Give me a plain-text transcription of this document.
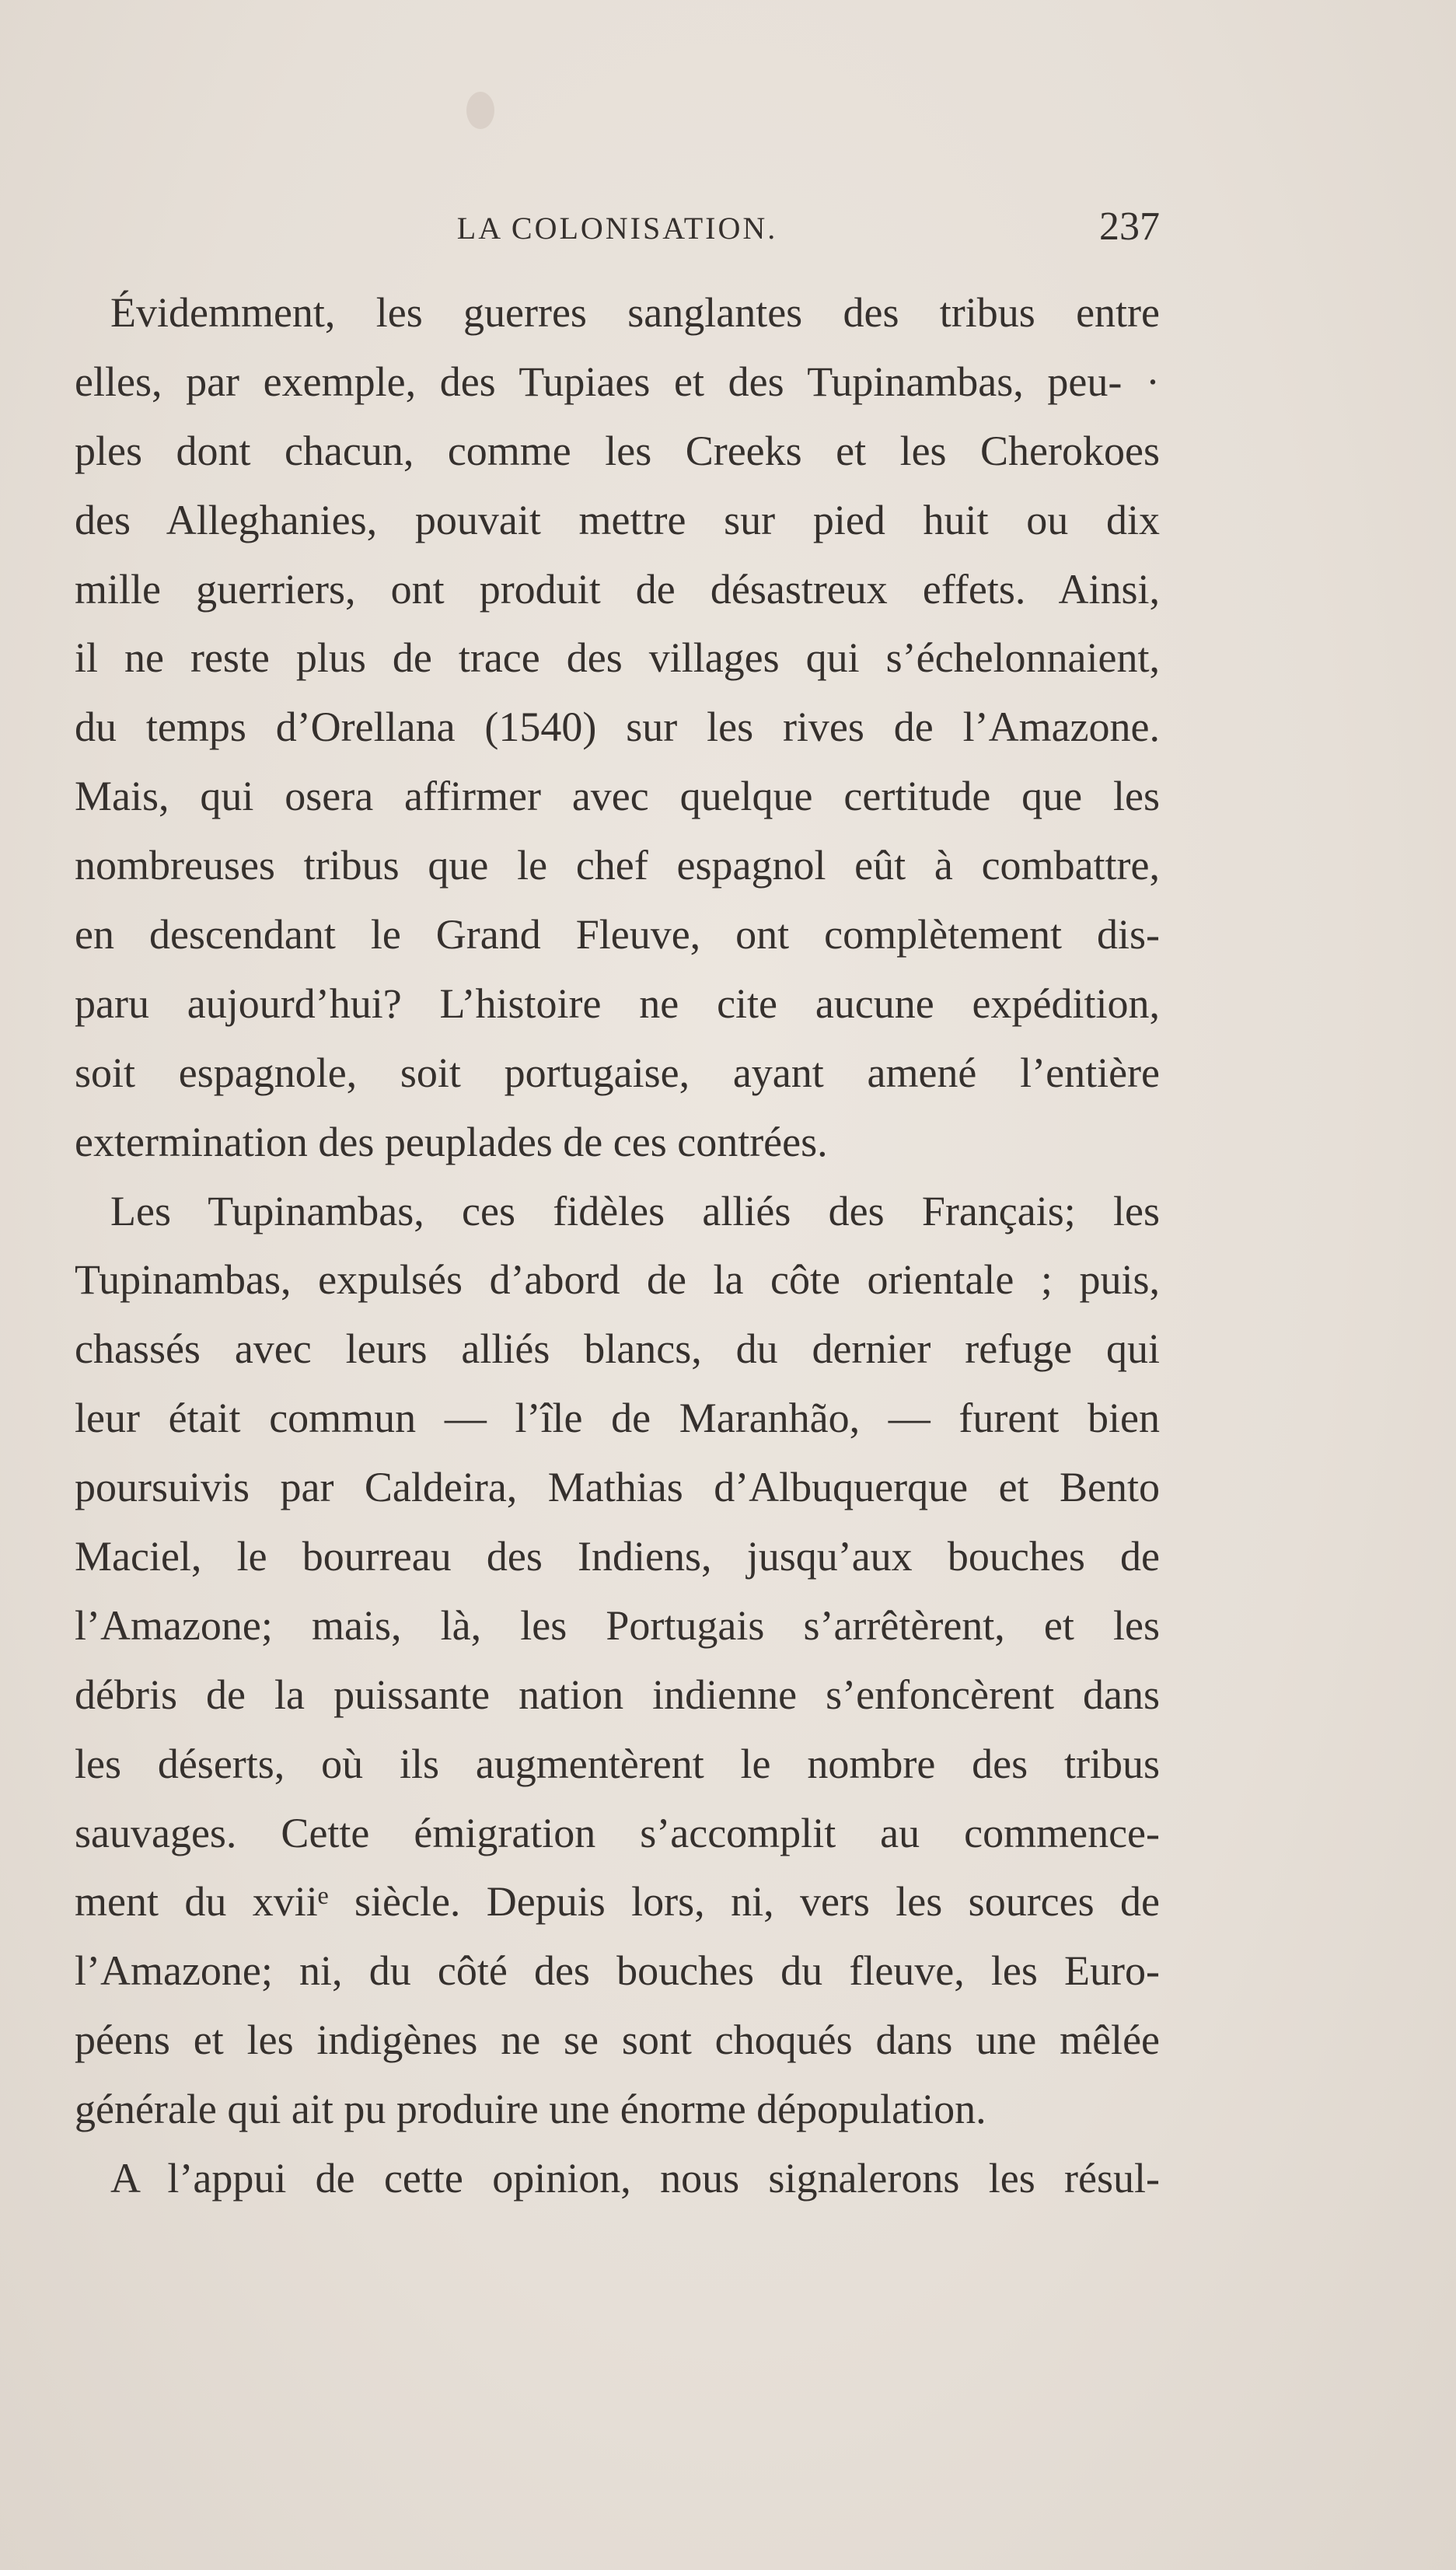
LA COLONISATION.	237
Évidemment, les guerres sanglantes des tribus entre
elles, par exemple, des Tupiaes et des Tupinambas, peu- ·
ples dont chacun, comme les Creeks et les Cherokoes
des Alleghanies, pouvait mettre sur pied huit ou dix
mille guerriers, ont produit de désastreux effets. Ainsi,
il ne reste plus de trace des villages qui s’échelonnaient,
du temps d’Orellana (1540) sur les rives de l’Amazone.
Mais, qui osera affirmer avec quelque certitude que les
nombreuses tribus que le chef espagnol eût à combattre,
en descendant le Grand Fleuve, ont complètement dis-
paru aujourd’hui? L’histoire ne cite aucune expédition,
soit espagnole, soit portugaise, ayant amené l’entière
extermination des peuplades de ces contrées.
Les Tupinambas, ces fidèles alliés des Français; les
Tupinambas, expulsés d’abord de la côte orientale ; puis,
chassés avec leurs alliés blancs, du dernier refuge qui
leur était commun — l’île de Maranhão, — furent bien
poursuivis par Caldeira, Mathias d’Albuquerque et Bento
Maciel, le bourreau des Indiens, jusqu’aux bouches de
l’Amazone; mais, là, les Portugais s’arrêtèrent, et les
débris de la puissante nation indienne s’enfoncèrent dans
les déserts, où ils augmentèrent le nombre des tribus
sauvages. Cette émigration s’accomplit au commence-
ment du xviiᵉ siècle. Depuis lors, ni, vers les sources de
l’Amazone; ni, du côté des bouches du fleuve, les Euro-
péens et les indigènes ne se sont choqués dans une mêlée
générale qui ait pu produire une énorme dépopulation.
A l’appui de cette opinion, nous signalerons les résul-
